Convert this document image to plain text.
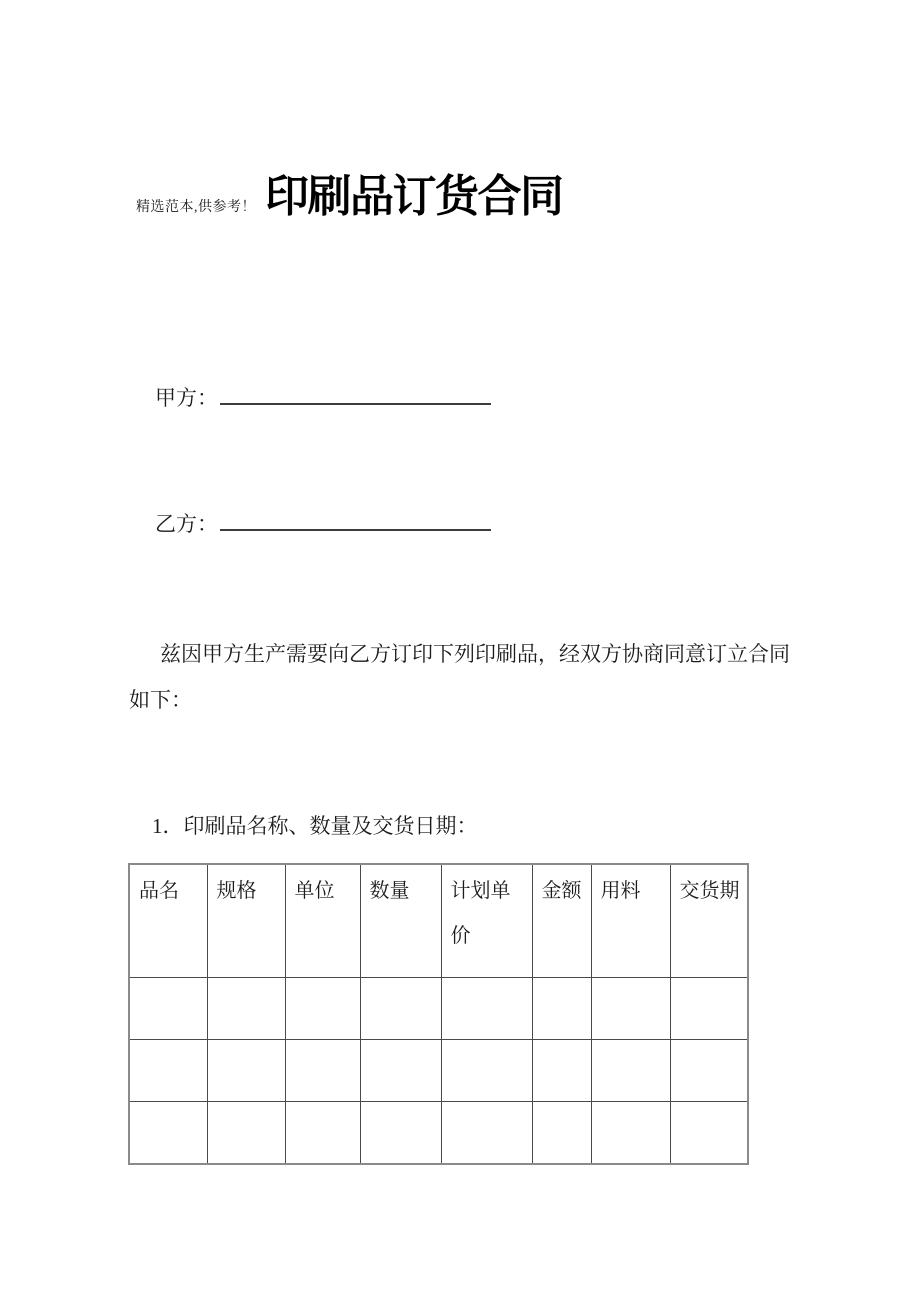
精选范本,供参考！ 印刷品订货合同
甲方：
乙方：
兹因甲方生产需要向乙方订印下列印刷品，经双方协商同意订立合同
如下：
1．印刷品名称、数量及交货日期：
品名	规格	单位	数量	计划单价	金额	用料	交货期
